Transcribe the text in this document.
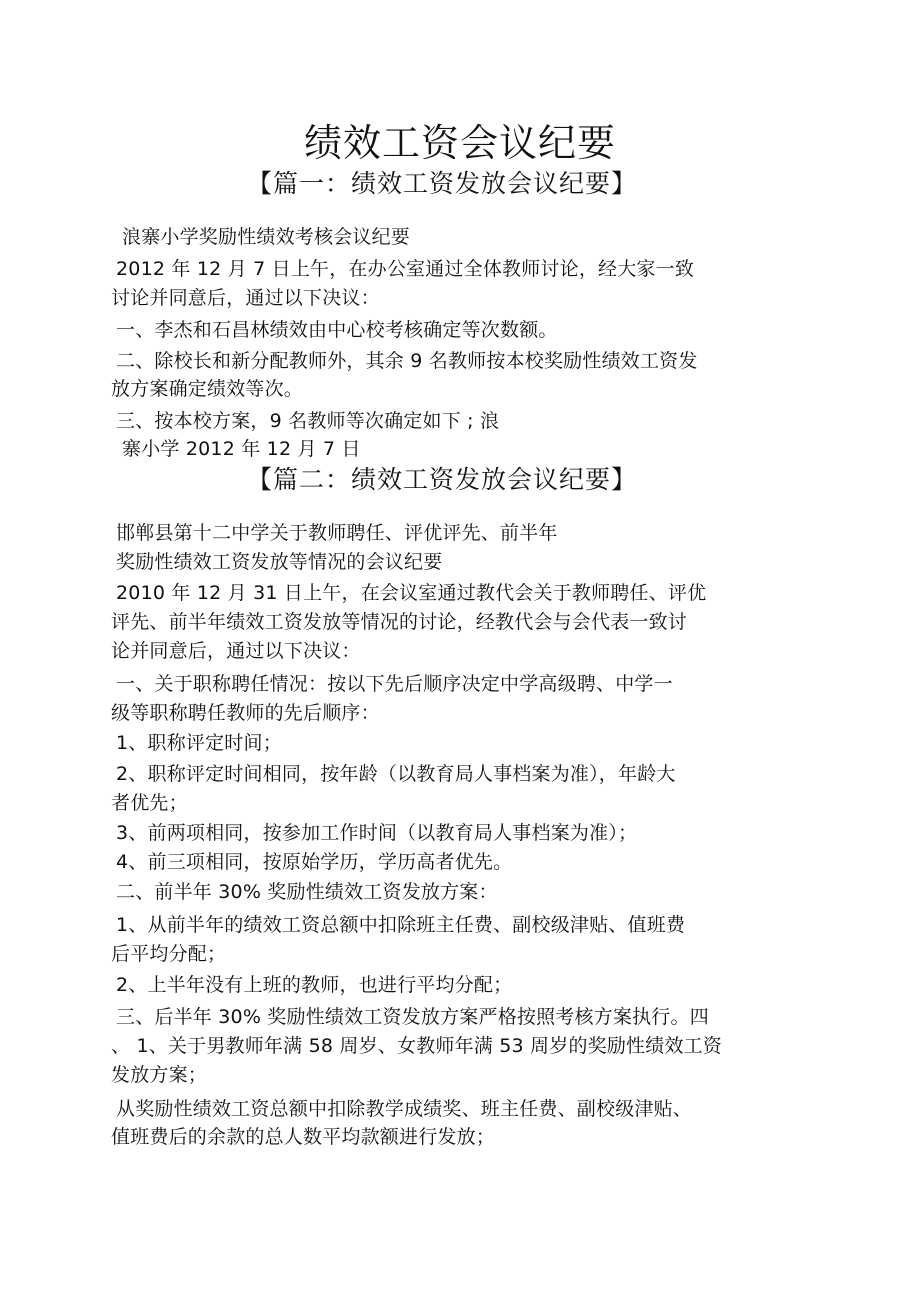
绩效工资会议纪要
【篇一：绩效工资发放会议纪要】
浪寨小学奖励性绩效考核会议纪要
2012 年 12 月 7 日上午，在办公室通过全体教师讨论，经大家一致
讨论并同意后，通过以下决议：
一、李杰和石昌林绩效由中心校考核确定等次数额。
二、除校长和新分配教师外，其余 9 名教师按本校奖励性绩效工资发
放方案确定绩效等次。
三、按本校方案，9 名教师等次确定如下 ; 浪
寨小学 2012 年 12 月 7 日
【篇二：绩效工资发放会议纪要】
邯郸县第十二中学关于教师聘任、评优评先、前半年
奖励性绩效工资发放等情况的会议纪要
2010 年 12 月 31 日上午，在会议室通过教代会关于教师聘任、评优
评先、前半年绩效工资发放等情况的讨论，经教代会与会代表一致讨
论并同意后，通过以下决议：
一、关于职称聘任情况：按以下先后顺序决定中学高级聘、中学一
级等职称聘任教师的先后顺序：
1、职称评定时间；
2、职称评定时间相同，按年龄（以教育局人事档案为准），年龄大
者优先；
3、前两项相同，按参加工作时间（以教育局人事档案为准）；
4、前三项相同，按原始学历，学历高者优先。
二、前半年 30% 奖励性绩效工资发放方案：
1、从前半年的绩效工资总额中扣除班主任费、副校级津贴、值班费
后平均分配；
2、上半年没有上班的教师，也进行平均分配；
三、后半年 30% 奖励性绩效工资发放方案严格按照考核方案执行。四
、 1、关于男教师年满 58 周岁、女教师年满 53 周岁的奖励性绩效工资
发放方案；
从奖励性绩效工资总额中扣除教学成绩奖、班主任费、副校级津贴、
值班费后的余款的总人数平均款额进行发放；
